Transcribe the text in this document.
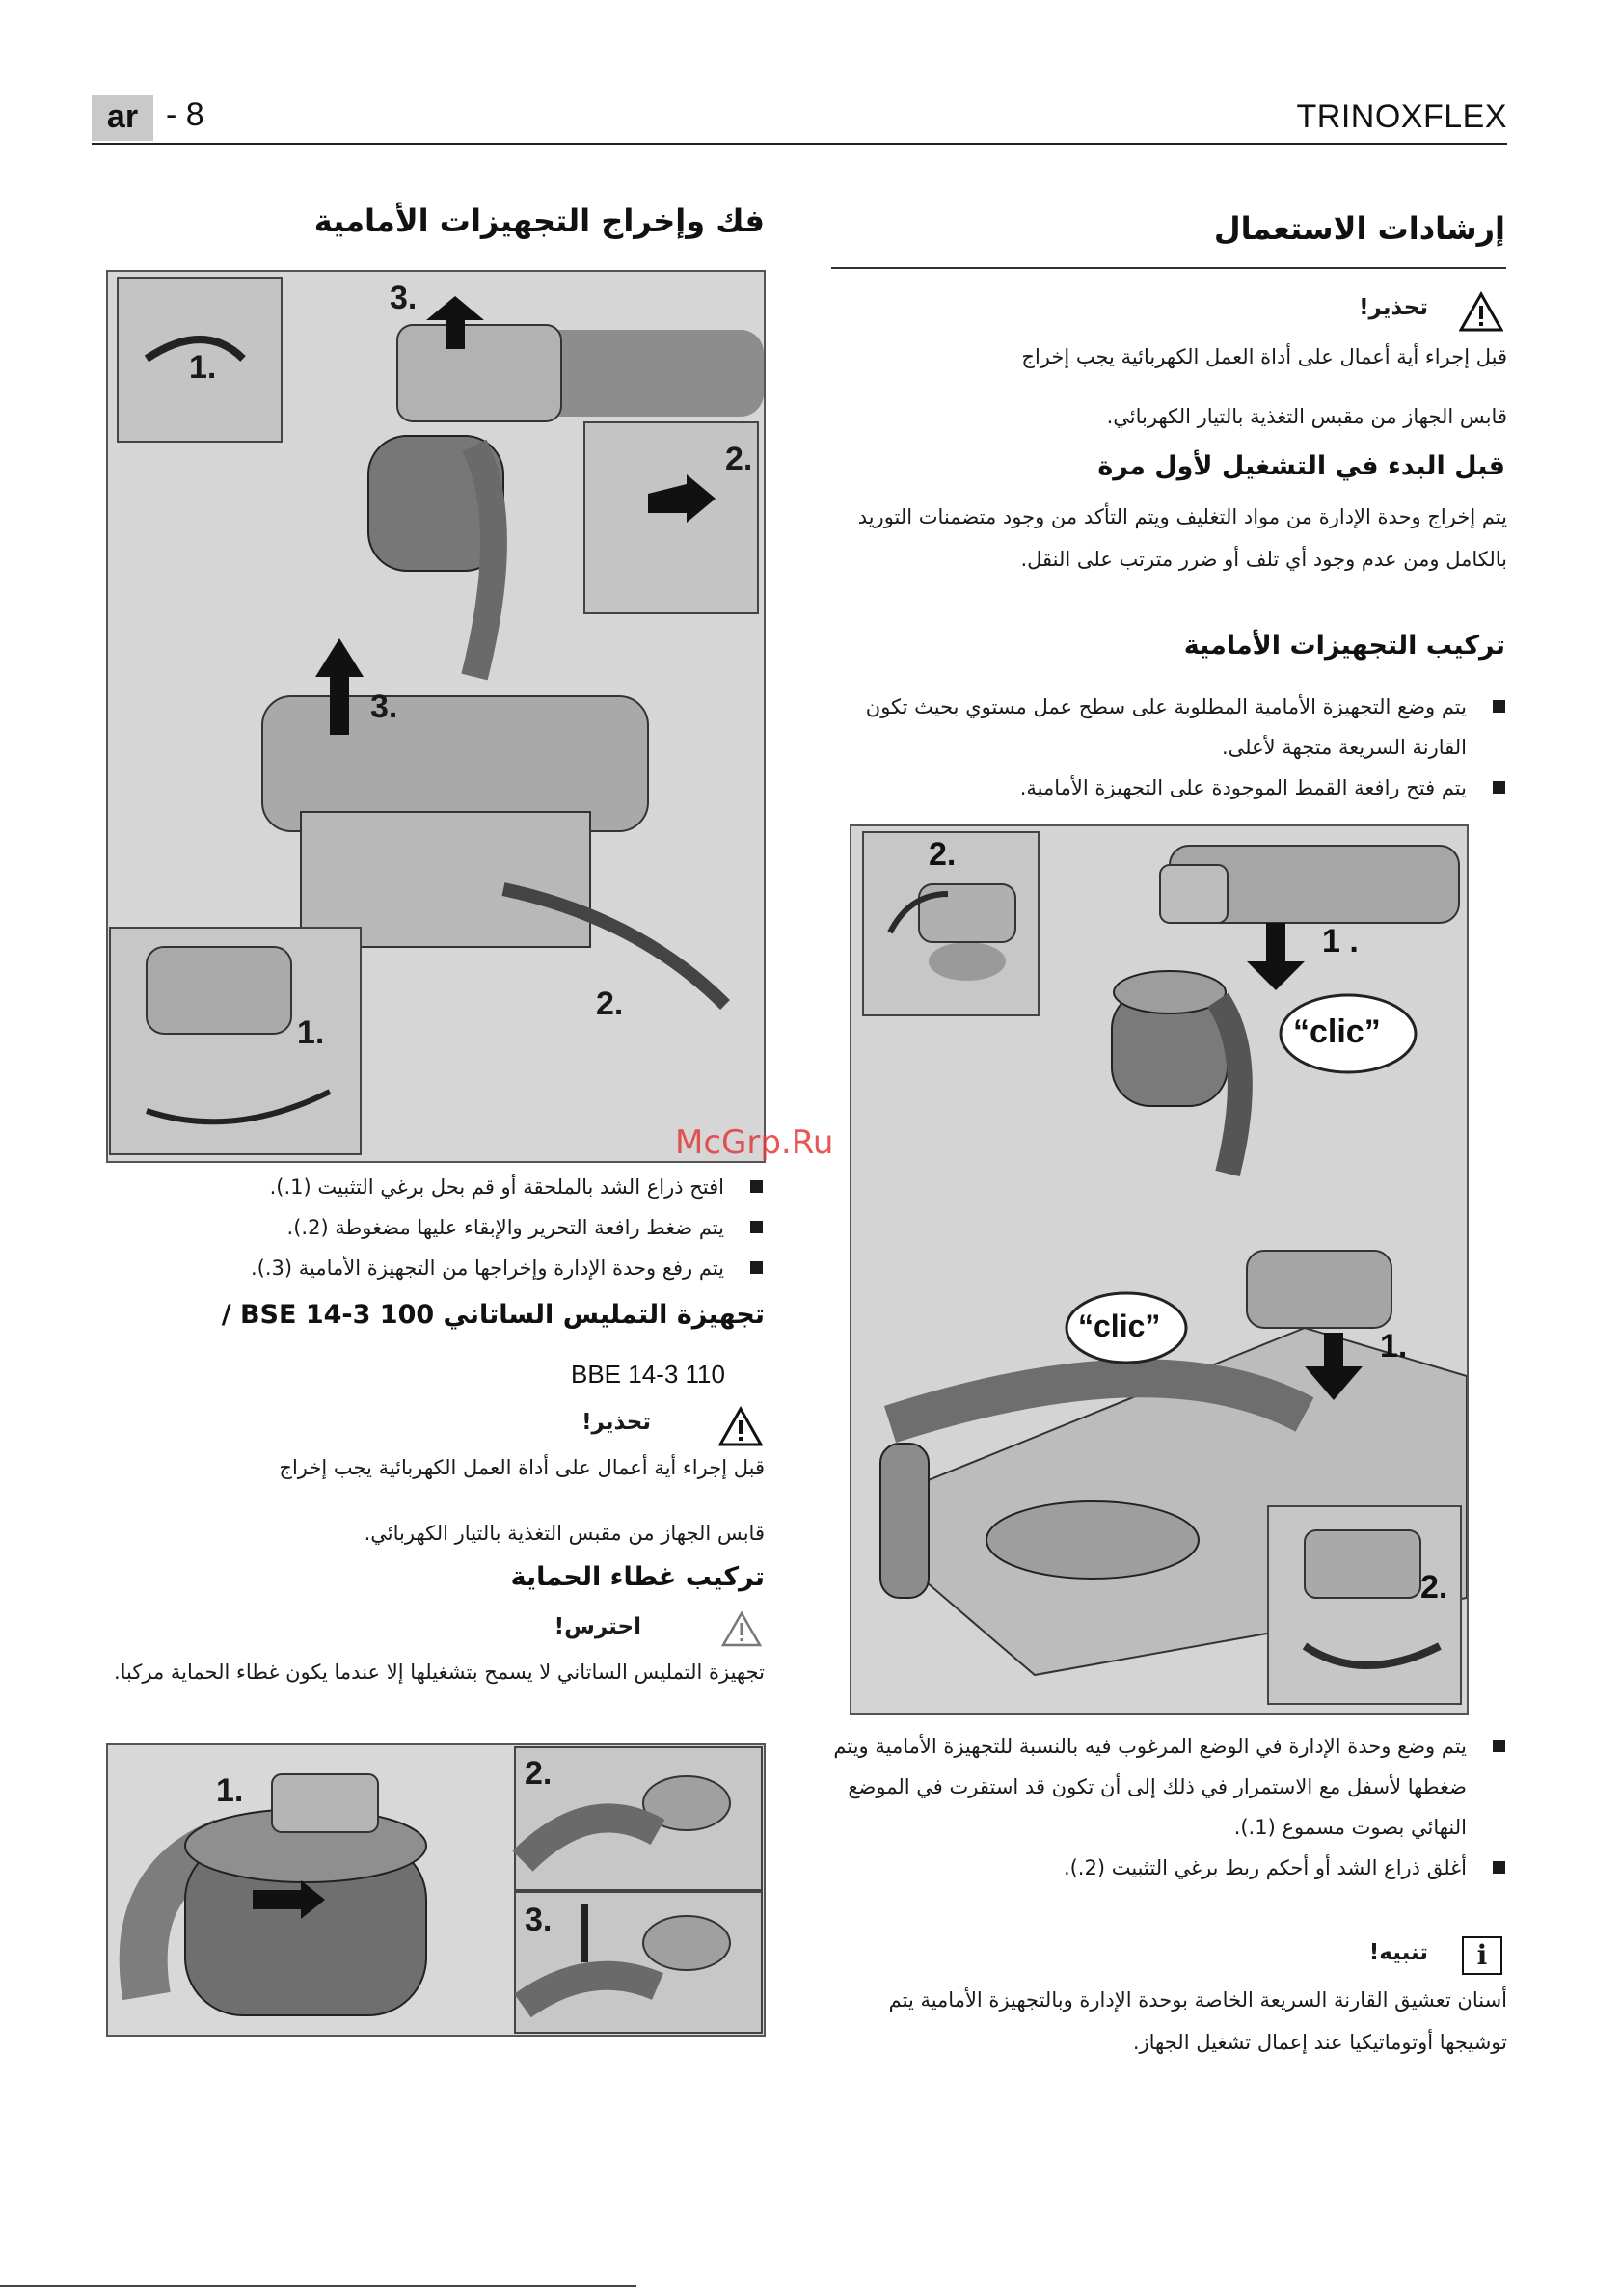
ar - 8	TRINOXFLEX
إرشادات الاستعمال
تحذير!
قبل إجراء أية أعمال على أداة العمل الكهربائية يجب إخراج
قابس الجهاز من مقبس التغذية بالتيار الكهربائي.
قبل البدء في التشغيل لأول مرة
يتم إخراج وحدة الإدارة من مواد التغليف ويتم التأكد من وجود متضمنات التوريد بالكامل ومن عدم وجود أي تلف أو ضرر مترتب على النقل.
تركيب التجهيزات الأمامية
يتم وضع التجهيزة الأمامية المطلوبة على سطح عمل مستوي بحيث تكون القارنة السريعة متجهة لأعلى.
يتم فتح رافعة القمط الموجودة على التجهيزة الأمامية.
2.
1 .
“clic”
“clic”
1.
2.
يتم وضع وحدة الإدارة في الوضع المرغوب فيه بالنسبة للتجهيزة الأمامية ويتم ضغطها لأسفل مع الاستمرار في ذلك إلى أن تكون قد استقرت في الموضع النهائي بصوت مسموع (1.).
أغلق ذراع الشد أو أحكم ربط برغي التثبيت (2.).
i
تنبيه!
أسنان تعشيق القارنة السريعة الخاصة بوحدة الإدارة وبالتجهيزة الأمامية يتم توشيجها أوتوماتيكيا عند إعمال تشغيل الجهاز.
فك وإخراج التجهيزات الأمامية
3.
1.
2.
3.
1.
2.
افتح ذراع الشد بالملحقة أو قم بحل برغي التثبيت (1.).
يتم ضغط رافعة التحرير والإبقاء عليها مضغوطة (2.).
يتم رفع وحدة الإدارة وإخراجها من التجهيزة الأمامية (3.).
تجهيزة التمليس الساتاني BSE 14-3 100 /
BBE 14-3 110
تحذير!
قبل إجراء أية أعمال على أداة العمل الكهربائية يجب إخراج
قابس الجهاز من مقبس التغذية بالتيار الكهربائي.
تركيب غطاء الحماية
احترس!
تجهيزة التمليس الساتاني لا يسمح بتشغيلها إلا عندما يكون غطاء الحماية مركبا.
1.	2.
3.
McGrp.Ru
